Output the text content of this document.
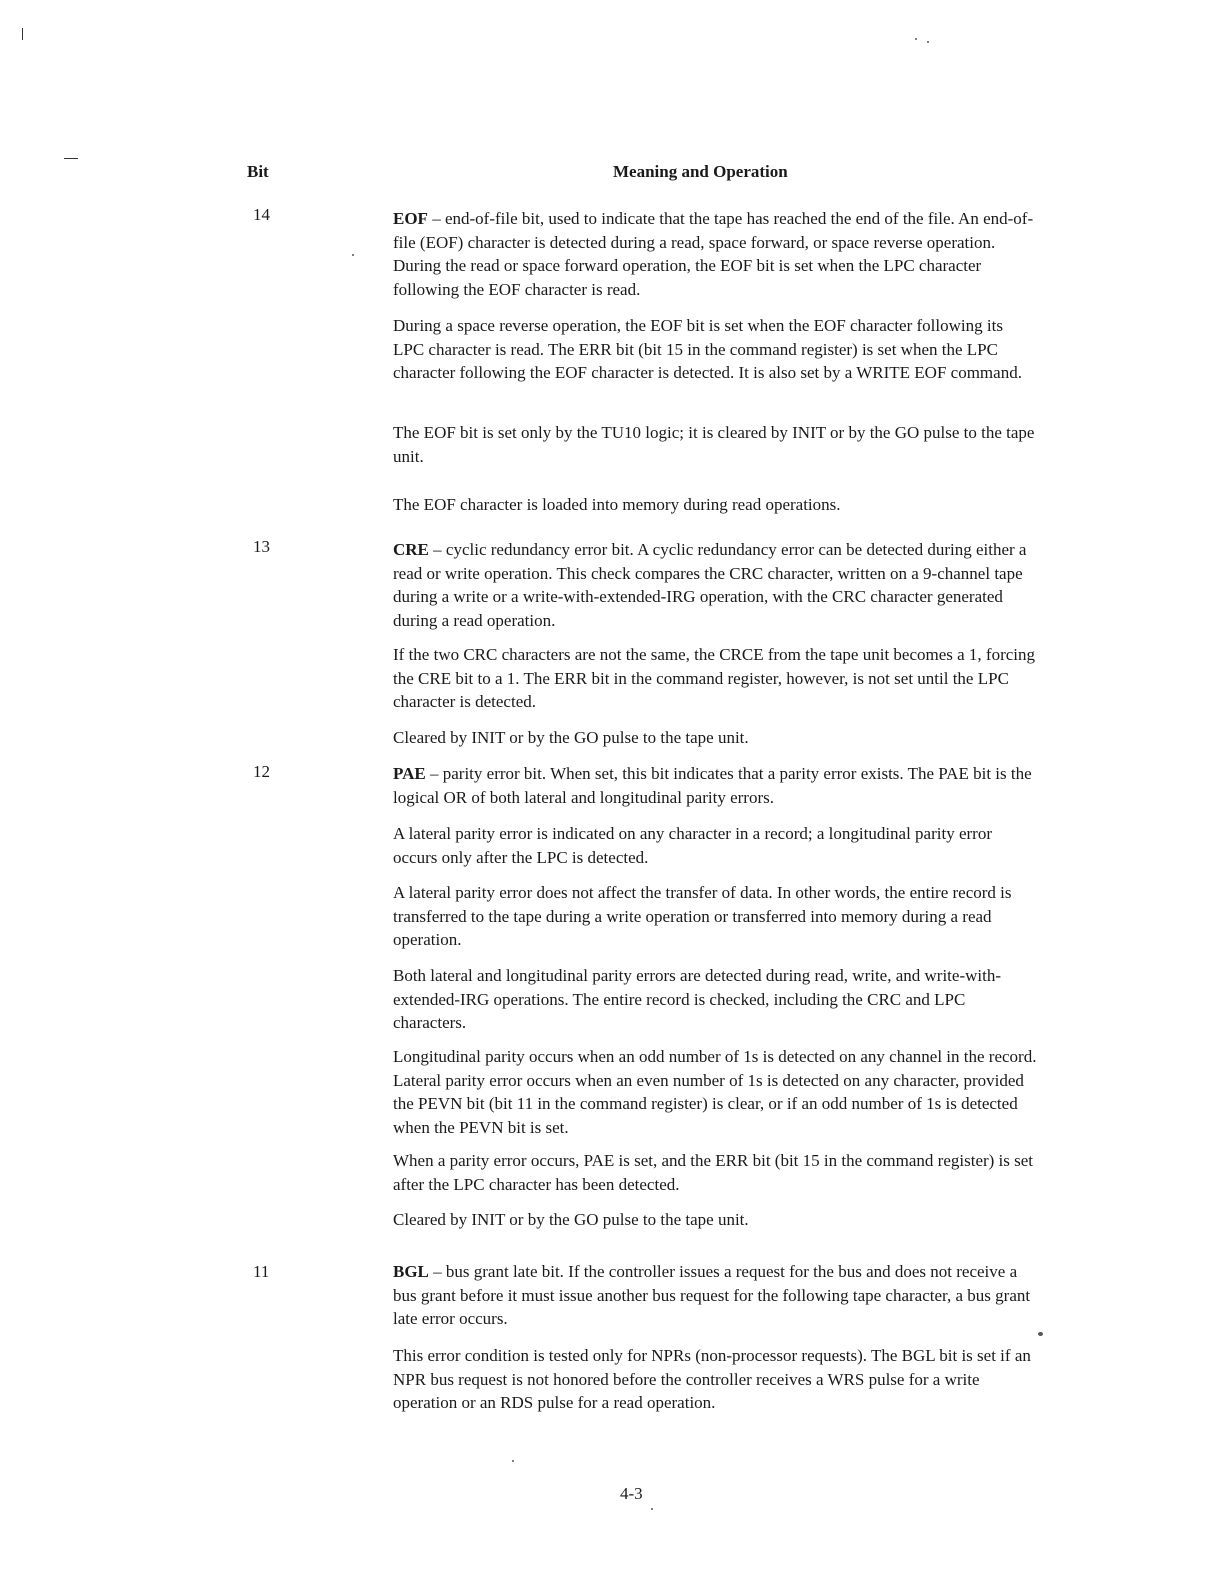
Bit	Meaning and Operation
14	EOF – end-of-file bit, used to indicate that the tape has reached the end of the file. An end-of-file (EOF) character is detected during a read, space forward, or space reverse operation. During the read or space forward operation, the EOF bit is set when the LPC character following the EOF character is read.

During a space reverse operation, the EOF bit is set when the EOF character following its LPC character is read. The ERR bit (bit 15 in the command register) is set when the LPC character following the EOF character is detected. It is also set by a WRITE EOF command.

The EOF bit is set only by the TU10 logic; it is cleared by INIT or by the GO pulse to the tape unit.

The EOF character is loaded into memory during read operations.

13	CRE – cyclic redundancy error bit. A cyclic redundancy error can be detected during either a read or write operation. This check compares the CRC character, written on a 9-channel tape during a write or a write-with-extended-IRG operation, with the CRC character generated during a read operation.

If the two CRC characters are not the same, the CRCE from the tape unit becomes a 1, forcing the CRE bit to a 1. The ERR bit in the command register, however, is not set until the LPC character is detected.

Cleared by INIT or by the GO pulse to the tape unit.

12	PAE – parity error bit. When set, this bit indicates that a parity error exists. The PAE bit is the logical OR of both lateral and longitudinal parity errors.

A lateral parity error is indicated on any character in a record; a longitudinal parity error occurs only after the LPC is detected.

A lateral parity error does not affect the transfer of data. In other words, the entire record is transferred to the tape during a write operation or transferred into memory during a read operation.

Both lateral and longitudinal parity errors are detected during read, write, and write-with-extended-IRG operations. The entire record is checked, including the CRC and LPC characters.

Longitudinal parity occurs when an odd number of 1s is detected on any channel in the record. Lateral parity error occurs when an even number of 1s is detected on any character, provided the PEVN bit (bit 11 in the command register) is clear, or if an odd number of 1s is detected when the PEVN bit is set.

When a parity error occurs, PAE is set, and the ERR bit (bit 15 in the command register) is set after the LPC character has been detected.

Cleared by INIT or by the GO pulse to the tape unit.

11	BGL – bus grant late bit. If the controller issues a request for the bus and does not receive a bus grant before it must issue another bus request for the following tape character, a bus grant late error occurs.

This error condition is tested only for NPRs (non-processor requests). The BGL bit is set if an NPR bus request is not honored before the controller receives a WRS pulse for a write operation or an RDS pulse for a read operation.

4-3
